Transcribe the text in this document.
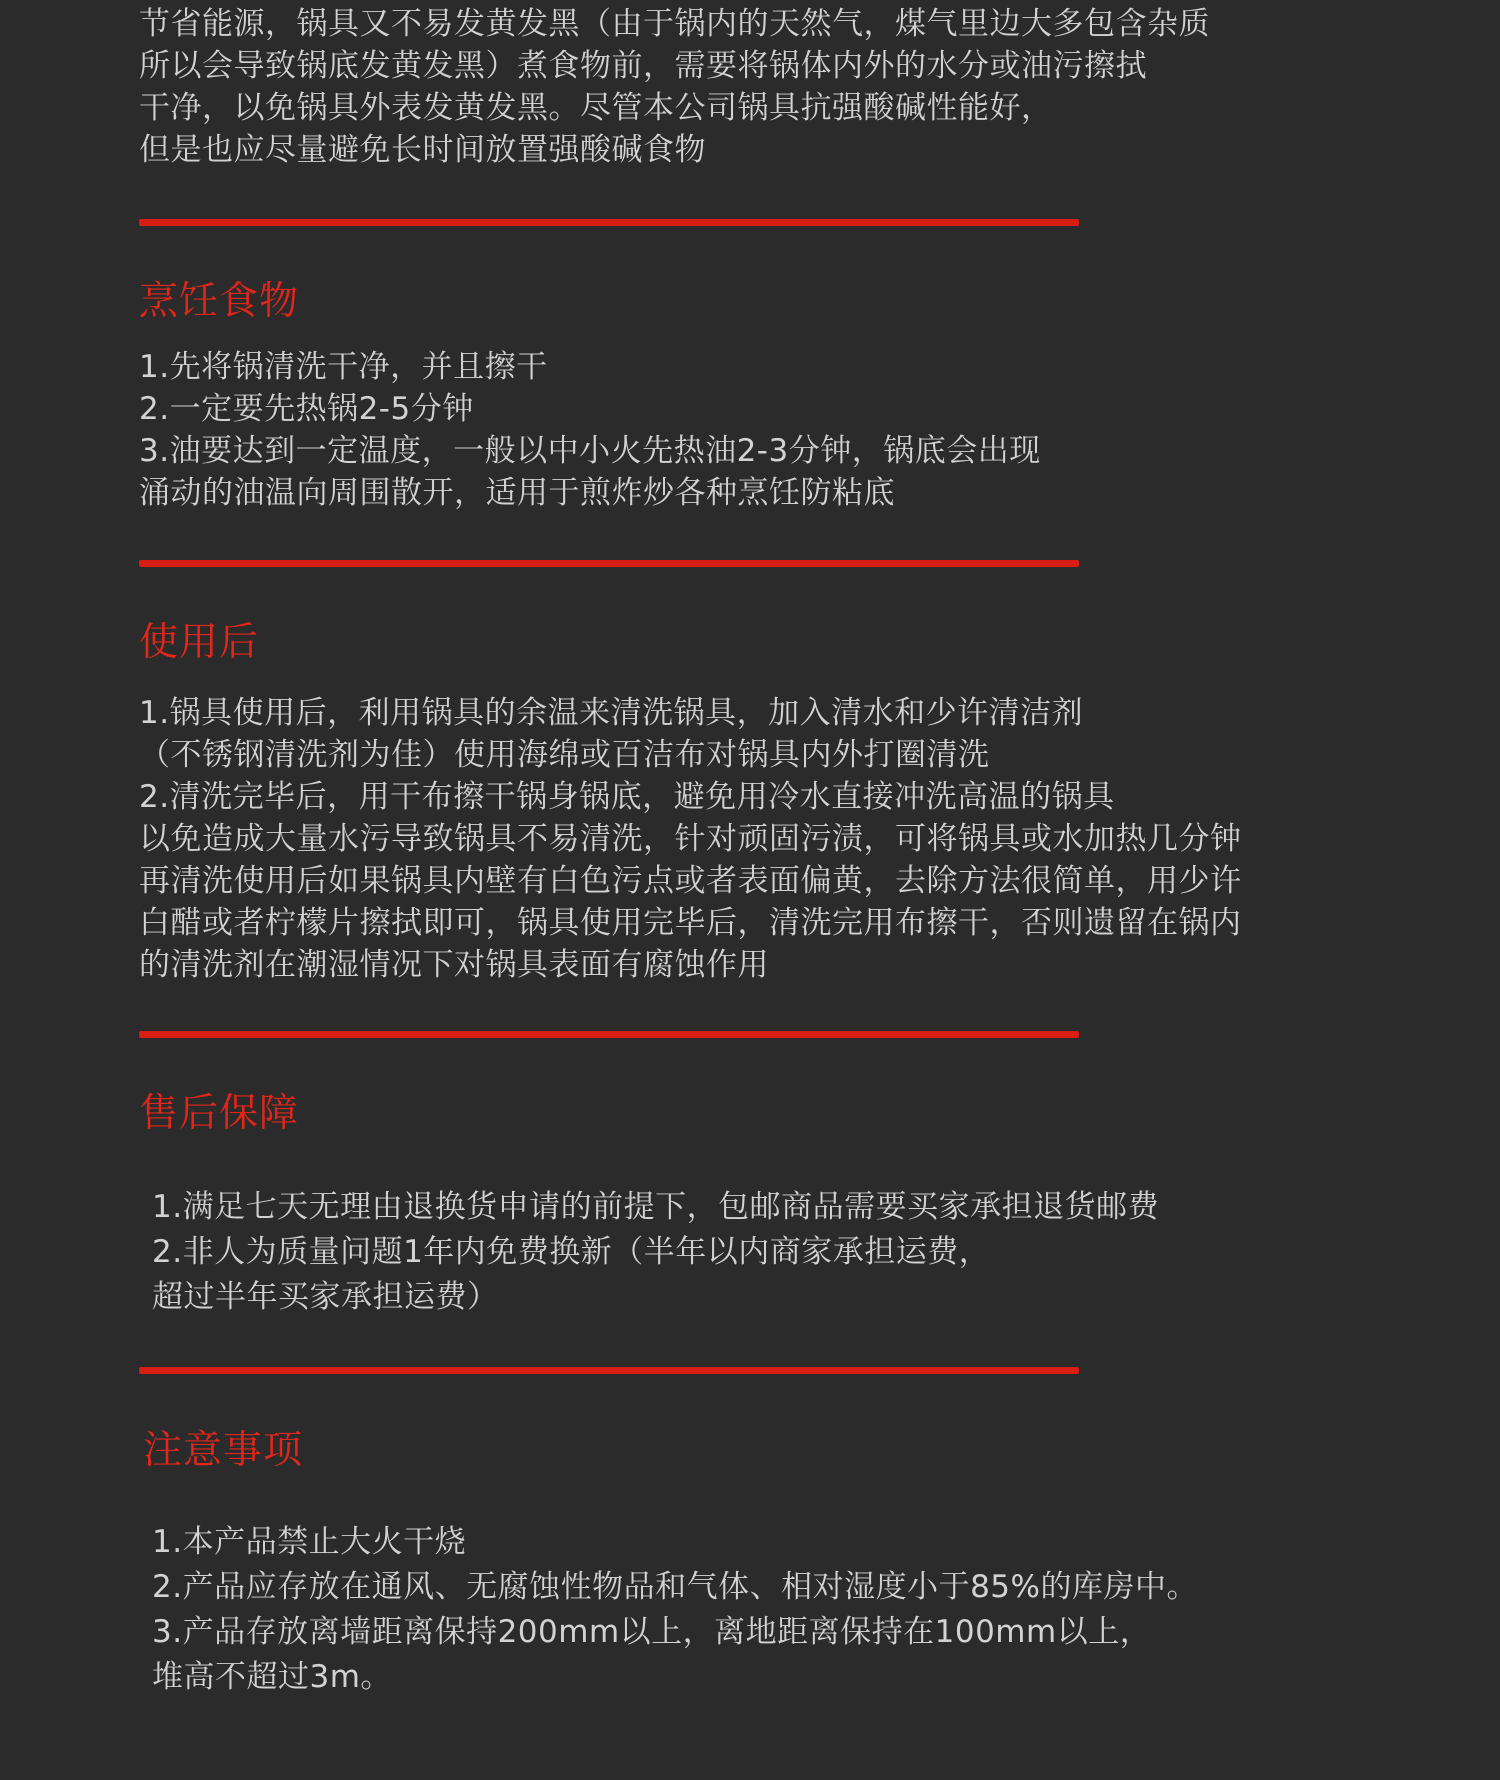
节省能源，锅具又不易发黄发黑（由于锅内的天然气，煤气里边大多包含杂质
所以会导致锅底发黄发黑）煮食物前，需要将锅体内外的水分或油污擦拭
干净，以免锅具外表发黄发黑。尽管本公司锅具抗强酸碱性能好，
但是也应尽量避免长时间放置强酸碱食物
烹饪食物
1.先将锅清洗干净，并且擦干
2.一定要先热锅2-5分钟
3.油要达到一定温度，一般以中小火先热油2-3分钟，锅底会出现
涌动的油温向周围散开，适用于煎炸炒各种烹饪防粘底
使用后
1.锅具使用后，利用锅具的余温来清洗锅具，加入清水和少许清洁剂
（不锈钢清洗剂为佳）使用海绵或百洁布对锅具内外打圈清洗
2.清洗完毕后，用干布擦干锅身锅底，避免用冷水直接冲洗高温的锅具
以免造成大量水污导致锅具不易清洗，针对顽固污渍，可将锅具或水加热几分钟
再清洗使用后如果锅具内壁有白色污点或者表面偏黄，去除方法很简单，用少许
白醋或者柠檬片擦拭即可，锅具使用完毕后，清洗完用布擦干，否则遗留在锅内
的清洗剂在潮湿情况下对锅具表面有腐蚀作用
售后保障
1.满足七天无理由退换货申请的前提下，包邮商品需要买家承担退货邮费
2.非人为质量问题1年内免费换新（半年以内商家承担运费，
超过半年买家承担运费）
注意事项
1.本产品禁止大火干烧
2.产品应存放在通风、无腐蚀性物品和气体、相对湿度小于85%的库房中。
3.产品存放离墙距离保持200mm以上，离地距离保持在100mm以上，
堆高不超过3m。
